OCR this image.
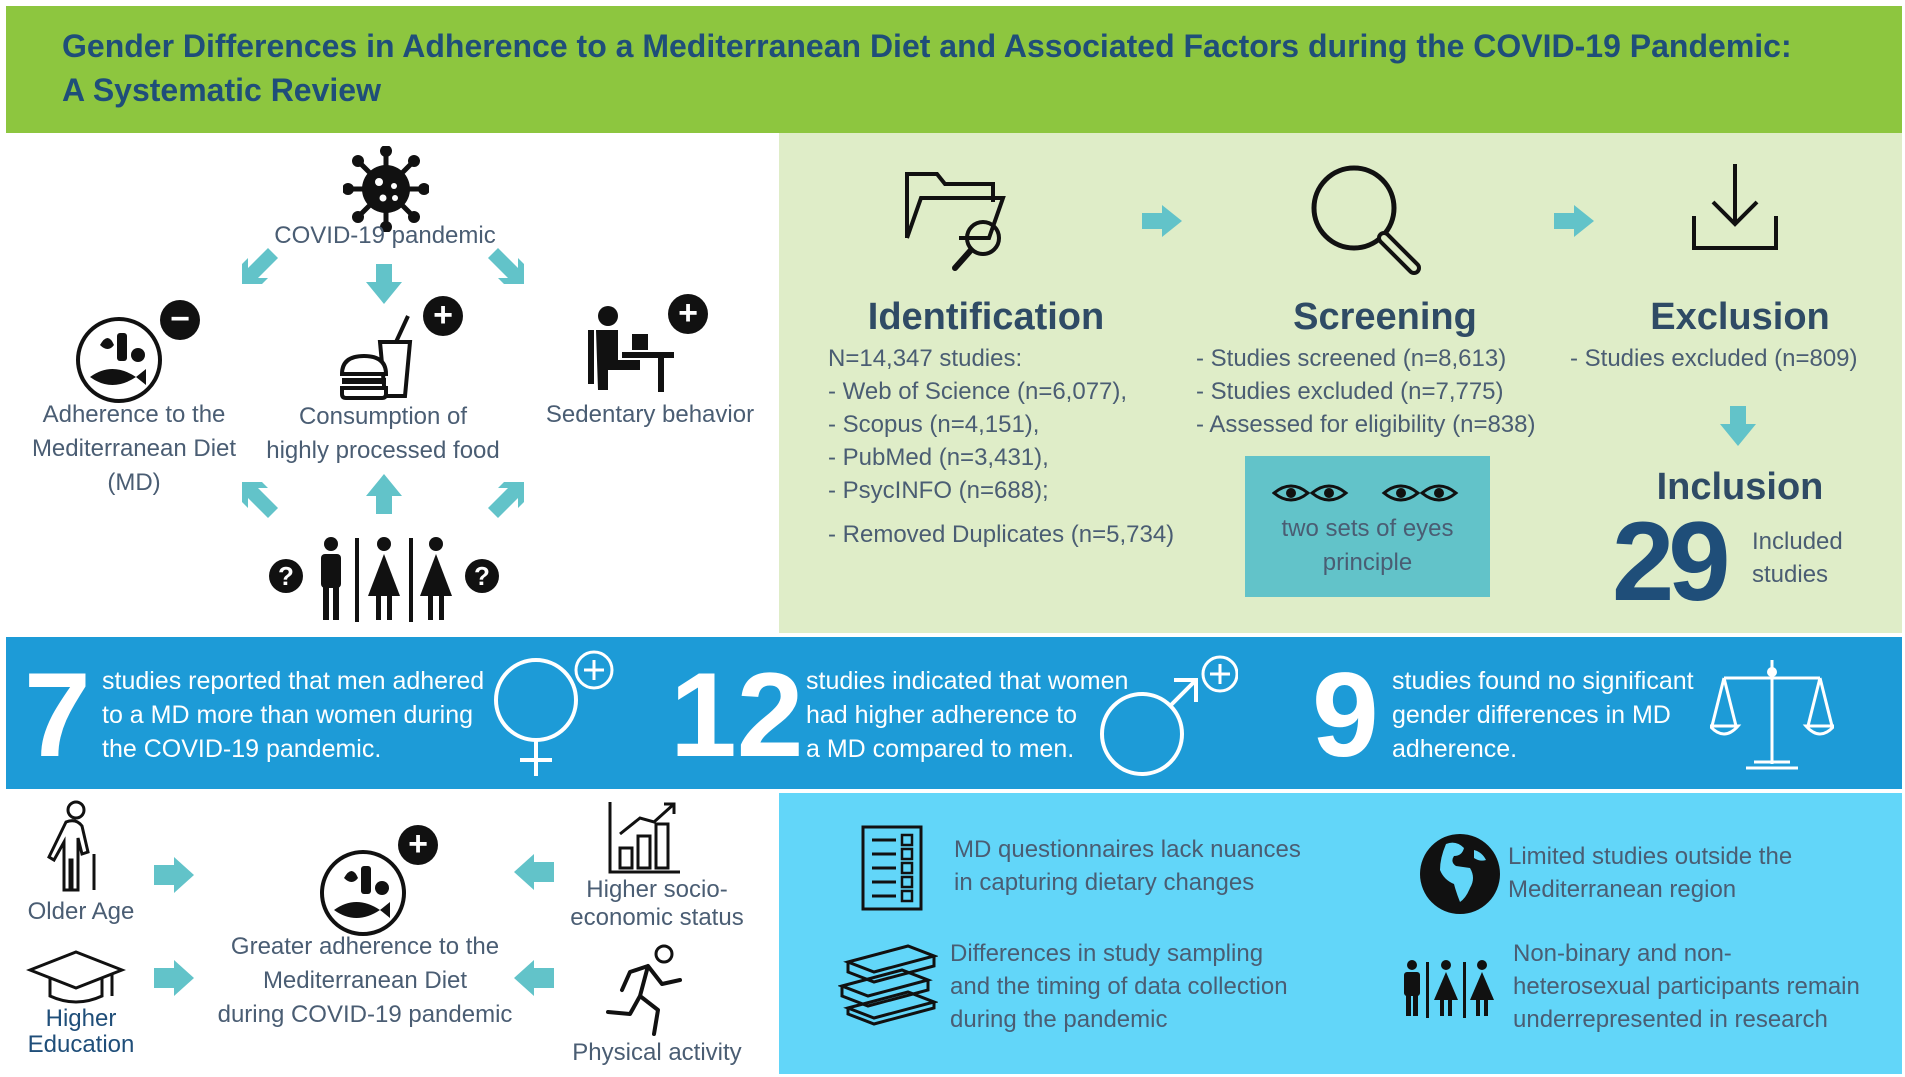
Gender Differences in Adherence to a Mediterranean Diet and Associated Factors during the COVID-19 Pandemic:
A Systematic Review
COVID-19 pandemic
−
Adherence to the
Mediterranean Diet
(MD)
+
Consumption of
highly processed food
+
Sedentary behavior
?	?
Identification
N=14,347 studies:
- Web of Science (n=6,077),
- Scopus (n=4,151),
- PubMed (n=3,431),
- PsycINFO (n=688);
- Removed Duplicates (n=5,734)
Screening
- Studies screened (n=8,613)
- Studies excluded (n=7,775)
- Assessed for eligibility (n=838)
two sets of eyes
principle
Exclusion
- Studies excluded (n=809)
Inclusion
29 Included
studies
7 studies reported that men adhered
to a MD more than women during
the COVID-19 pandemic.	12 studies indicated that women
had higher adherence to
a MD compared to men.	9 studies found no significant
gender differences in MD
adherence.
Older Age
Higher
Education
+
Greater adherence to the
Mediterranean Diet
during COVID-19 pandemic
Higher socio-
economic status
Physical activity
MD questionnaires lack nuances
in capturing dietary changes
Limited studies outside the
Mediterranean region
Differences in study sampling
and the timing of data collection
during the pandemic
Non-binary and non-
heterosexual participants remain
underrepresented in research
